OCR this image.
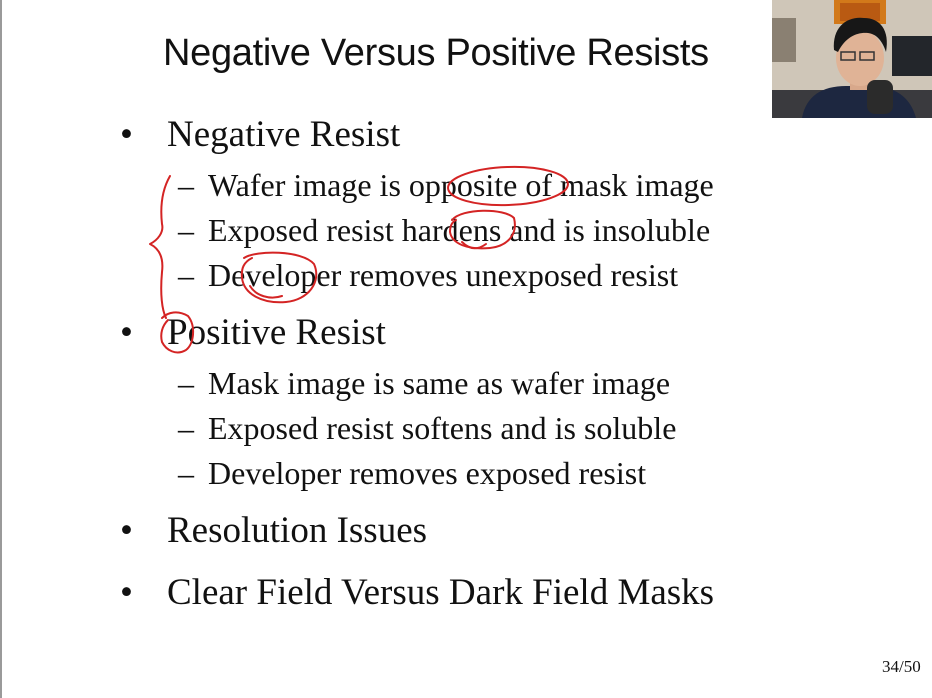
Negative Versus Positive Resists
• Negative Resist
– Wafer image is opposite of mask image
– Exposed resist hardens and is insoluble
– Developer removes unexposed resist
• Positive Resist
– Mask image is same as wafer image
– Exposed resist softens and is soluble
– Developer removes exposed resist
• Resolution Issues
• Clear Field Versus Dark Field Masks
34/50
